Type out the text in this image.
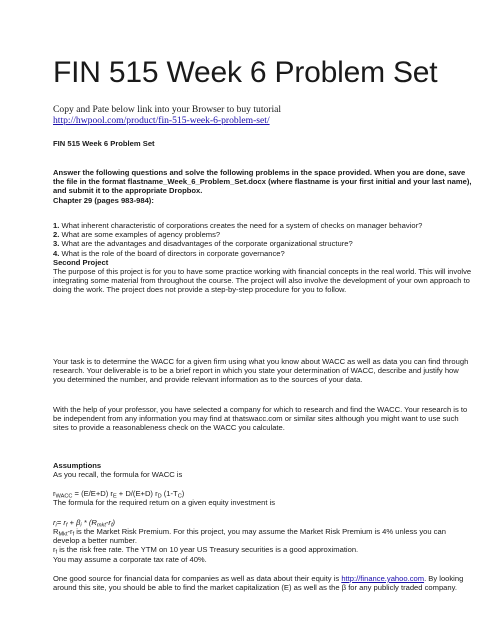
FIN 515 Week 6 Problem Set
Copy and Pate below link into your Browser to buy tutorial
http://hwpool.com/product/fin-515-week-6-problem-set/
FIN 515 Week 6 Problem Set
Answer the following questions and solve the following problems in the space provided. When you are done, save the file in the format flastname_Week_6_Problem_Set.docx (where flastname is your first initial and your last name), and submit it to the appropriate Dropbox.
Chapter 29 (pages 983-984):
1. What inherent characteristic of corporations creates the need for a system of checks on manager behavior?
2. What are some examples of agency problems?
3. What are the advantages and disadvantages of the corporate organizational structure?
4. What is the role of the board of directors in corporate governance?
Second Project
The purpose of this project is for you to have some practice working with financial concepts in the real world. This will involve integrating some material from throughout the course. The project will also involve the development of your own approach to doing the work. The project does not provide a step-by-step procedure for you to follow.
Your task is to determine the WACC for a given firm using what you know about WACC as well as data you can find through research. Your deliverable is to be a brief report in which you state your determination of WACC, describe and justify how you determined the number, and provide relevant information as to the sources of your data.
With the help of your professor, you have selected a company for which to research and find the WACC. Your research is to be independent from any information you may find at thatswacc.com or similar sites although you might want to use such sites to provide a reasonableness check on the WACC you calculate.
Assumptions
As you recall, the formula for WACC is
$r_{WACC} = (E/E+D) r_E + D/(E+D)$ $r_D$ $(1-T_C)$
The formula for the required return on a given equity investment is
$r_i= r_f + \beta_i * (R_{mkt}-r_f)$
$R_{Mkt}-r_f$ is the Market Risk Premium. For this project, you may assume the Market Risk Premium is 4% unless you can develop a better number.
$r_f$ is the risk free rate. The YTM on 10 year US Treasury securities is a good approximation.
You may assume a corporate tax rate of 40%.
One good source for financial data for companies as well as data about their equity is http://finance.yahoo.com. By looking around this site, you should be able to find the market capitalization (E) as well as the β for any publicly traded company.
